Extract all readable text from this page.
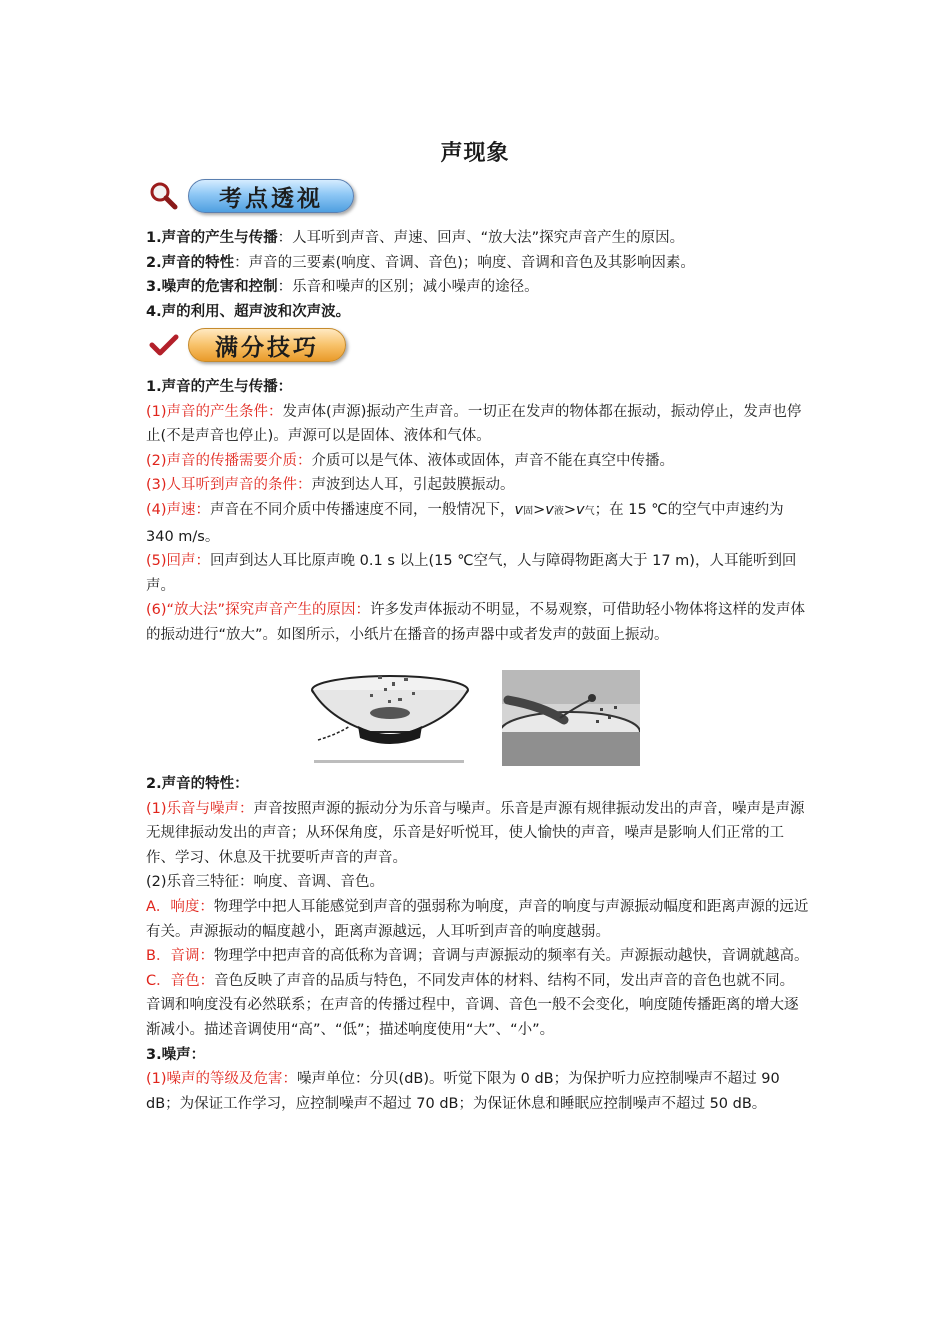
声现象
考点透视

1.声音的产生与传播：人耳听到声音、声速、回声、“放大法”探究声音产生的原因。

2.声音的特性：声音的三要素(响度、音调、音色)；响度、音调和音色及其影响因素。

3.噪声的危害和控制：乐音和噪声的区别；减小噪声的途径。

4.声的利用、超声波和次声波。

满分技巧

1.声音的产生与传播：

(1)声音的产生条件：发声体(声源)振动产生声音。一切正在发声的物体都在振动，振动停止，发声也停止(不是声音也停止)。声源可以是固体、液体和气体。

(2)声音的传播需要介质：介质可以是气体、液体或固体，声音不能在真空中传播。

(3)人耳听到声音的条件：声波到达人耳，引起鼓膜振动。

(4)声速：声音在不同介质中传播速度不同，一般情况下，v固>v液>v气；在 15 ℃的空气中声速约为 340 m/s。

(5)回声：回声到达人耳比原声晚 0.1 s 以上(15 ℃空气，人与障碍物距离大于 17 m)，人耳能听到回声。

(6)“放大法”探究声音产生的原因：许多发声体振动不明显，不易观察，可借助轻小物体将这样的发声体的振动进行“放大”。如图所示，小纸片在播音的扬声器中或者发声的鼓面上振动。

2.声音的特性：

(1)乐音与噪声：声音按照声源的振动分为乐音与噪声。乐音是声源有规律振动发出的声音，噪声是声源无规律振动发出的声音；从环保角度，乐音是好听悦耳，使人愉快的声音，噪声是影响人们正常的工作、学习、休息及干扰要听声音的声音。

(2)乐音三特征：响度、音调、音色。

A．响度：物理学中把人耳能感觉到声音的强弱称为响度，声音的响度与声源振动幅度和距离声源的远近有关。声源振动的幅度越小，距离声源越远，人耳听到声音的响度越弱。

B．音调：物理学中把声音的高低称为音调；音调与声源振动的频率有关。声源振动越快，音调就越高。

C．音色：音色反映了声音的品质与特色，不同发声体的材料、结构不同，发出声音的音色也就不同。

音调和响度没有必然联系；在声音的传播过程中，音调、音色一般不会变化，响度随传播距离的增大逐渐减小。描述音调使用“高”、“低”；描述响度使用“大”、“小”。

3.噪声：

(1)噪声的等级及危害：噪声单位：分贝(dB)。听觉下限为 0 dB；为保护听力应控制噪声不超过 90 dB；为保证工作学习，应控制噪声不超过 70 dB；为保证休息和睡眠应控制噪声不超过 50 dB。
